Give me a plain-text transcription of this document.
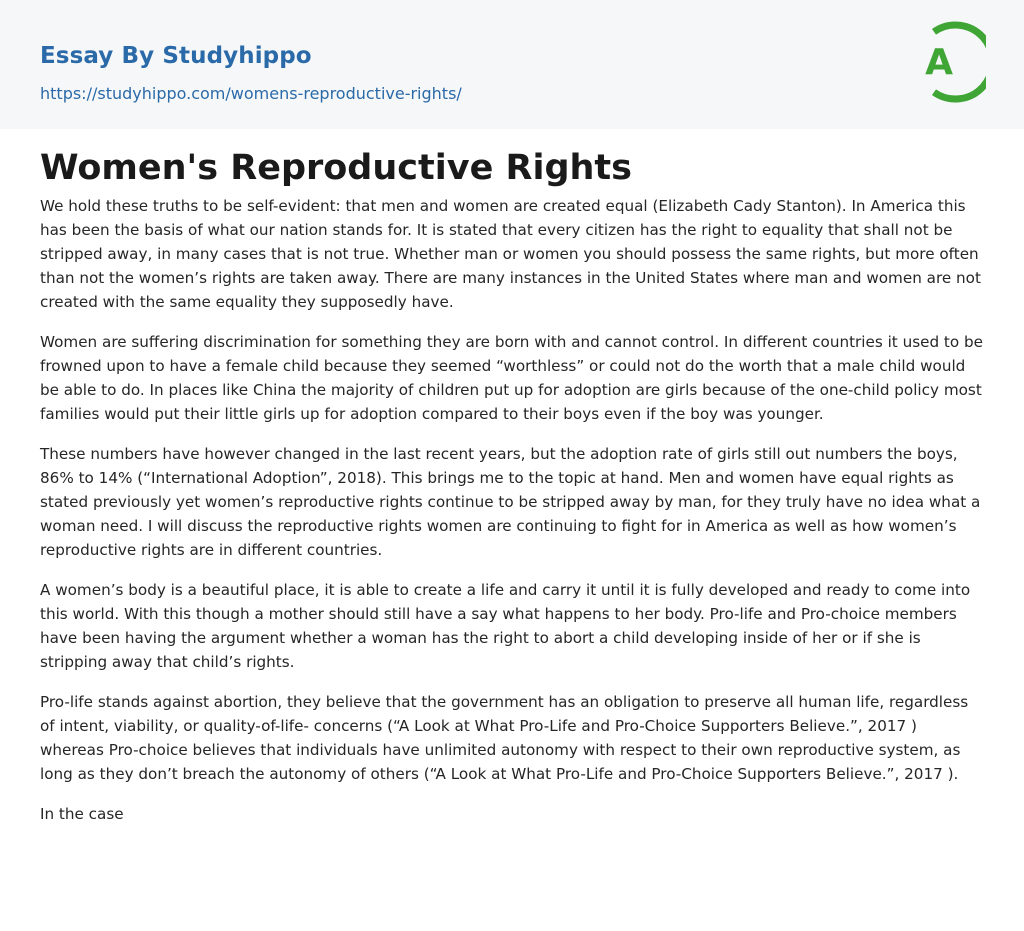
Essay By Studyhippo
https://studyhippo.com/womens-reproductive-rights/
A
Women's Reproductive Rights

We hold these truths to be self-evident: that men and women are created equal (Elizabeth Cady Stanton). In America this has been the basis of what our nation stands for. It is stated that every citizen has the right to equality that shall not be stripped away, in many cases that is not true. Whether man or women you should possess the same rights, but more often than not the women’s rights are taken away. There are many instances in the United States where man and women are not created with the same equality they supposedly have.

Women are suffering discrimination for something they are born with and cannot control. In different countries it used to be frowned upon to have a female child because they seemed “worthless” or could not do the worth that a male child would be able to do. In places like China the majority of children put up for adoption are girls because of the one-child policy most families would put their little girls up for adoption compared to their boys even if the boy was younger.

These numbers have however changed in the last recent years, but the adoption rate of girls still out numbers the boys, 86% to 14% (“International Adoption”, 2018). This brings me to the topic at hand. Men and women have equal rights as stated previously yet women’s reproductive rights continue to be stripped away by man, for they truly have no idea what a woman need. I will discuss the reproductive rights women are continuing to fight for in America as well as how women’s reproductive rights are in different countries.

A women’s body is a beautiful place, it is able to create a life and carry it until it is fully developed and ready to come into this world. With this though a mother should still have a say what happens to her body. Pro-life and Pro-choice members have been having the argument whether a woman has the right to abort a child developing inside of her or if she is stripping away that child’s rights.

Pro-life stands against abortion, they believe that the government has an obligation to preserve all human life, regardless of intent, viability, or quality-of-life- concerns (“A Look at What Pro-Life and Pro-Choice Supporters Believe.”, 2017 ) whereas Pro-choice believes that individuals have unlimited autonomy with respect to their own reproductive system, as long as they don’t breach the autonomy of others (“A Look at What Pro-Life and Pro-Choice Supporters Believe.”, 2017 ).

In the case
